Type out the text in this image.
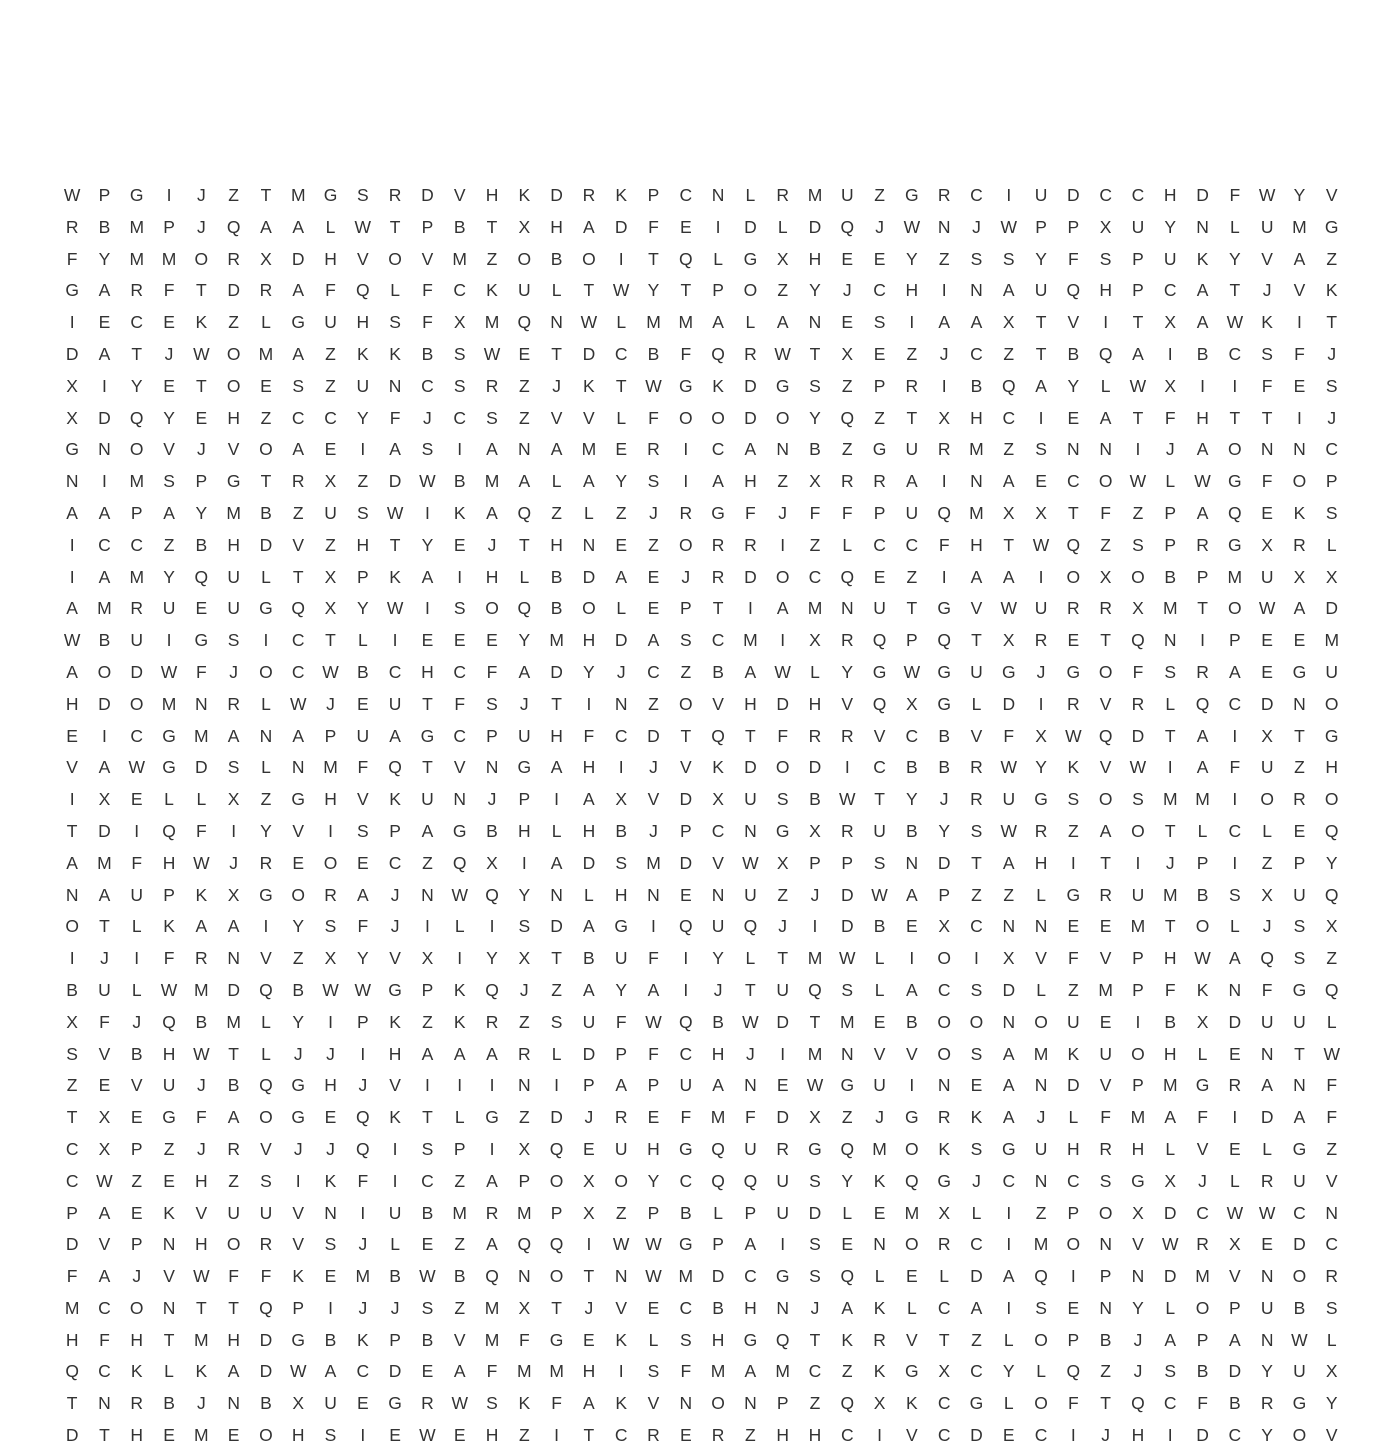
W	P	G	I	J	Z	T	M	G	S	R	D	V	H	K	D	R	K	P	C	N	L	R	M	U	Z	G	R	C	I	U	D	C	C	H	D	F	W	Y	V
R	B	M	P	J	Q	A	A	L	W	T	P	B	T	X	H	A	D	F	E	I	D	L	D	Q	J	W	N	J	W	P	P	X	U	Y	N	L	U	M	G
F	Y	M	M	O	R	X	D	H	V	O	V	M	Z	O	B	O	I	T	Q	L	G	X	H	E	E	Y	Z	S	S	Y	F	S	P	U	K	Y	V	A	Z
G	A	R	F	T	D	R	A	F	Q	L	F	C	K	U	L	T	W	Y	T	P	O	Z	Y	J	C	H	I	N	A	U	Q	H	P	C	A	T	J	V	K
I	E	C	E	K	Z	L	G	U	H	S	F	X	M	Q	N	W	L	M	M	A	L	A	N	E	S	I	A	A	X	T	V	I	T	X	A	W	K	I	T
D	A	T	J	W O	M	A	Z	K	K	B	S	W	E	T	D	C	B	F	Q	R	W	T	X	E	Z	J	C	Z	T	B	Q	A	I	B	C	S	F	J
X	I	Y	E	T	O	E	S	Z	U	N	C	S	R	Z	J	K	T	W G	K	D	G	S	Z	P	R	I	B	Q	A	Y	L	W	X	I	I	F	E	S
X	D	Q	Y	E	H	Z	C	C	Y	F	J	C	S	Z	V	V	L	F	O	O	D	O	Y	Q	Z	T	X	H	C	I	E	A	T	F	H	T	T	I	J
G	N	O	V	J	V	O	A	E	I	A	S	I	A	N	A	M	E	R	I	C	A	N	B	Z	G	U	R	M	Z	S	N	N	I	J	A	O	N	N	C
N	I	M	S	P	G	T	R	X	Z	D	W	B	M	A	L	A	Y	S	I	A	H	Z	X	R	R	A	I	N	A	E	C	O W	L	W G	F	O	P
A	A	P	A	Y	M	B	Z	U	S	W	I	K	A	Q	Z	L	Z	J	R	G	F	J	F	F	P	U	Q	M	X	X	T	F	Z	P	A	Q	E	K	S
I	C	C	Z	B	H	D	V	Z	H	T	Y	E	J	T	H	N	E	Z	O	R	R	I	Z	L	C	C	F	H	T	W Q	Z	S	P	R	G	X	R	L
I	A	M	Y	Q	U	L	T	X	P	K	A	I	H	L	B	D	A	E	J	R	D	O	C	Q	E	Z	I	A	A	I	O	X	O	B	P	M	U	X	X
A	M	R	U	E	U	G	Q	X	Y	W	I	S	O	Q	B	O	L	E	P	T	I	A	M	N	U	T	G	V	W	U	R	R	X	M	T	O W	A	D
W	B	U	I	G	S	I	C	T	L	I	E	E	E	Y	M	H	D	A	S	C	M	I	X	R	Q	P	Q	T	X	R	E	T	Q	N	I	P	E	E	M
A	O	D	W	F	J	O	C	W	B	C	H	C	F	A	D	Y	J	C	Z	B	A	W	L	Y	G W G	U	G	J	G	O	F	S	R	A	E	G	U
H	D	O	M	N	R	L	W	J	E	U	T	F	S	J	T	I	N	Z	O	V	H	D	H	V	Q	X	G	L	D	I	R	V	R	L	Q	C	D	N	O
E	I	C	G	M	A	N	A	P	U	A	G	C	P	U	H	F	C	D	T	Q	T	F	R	R	V	C	B	V	F	X	W Q	D	T	A	I	X	T	G
V	A	W G	D	S	L	N	M	F	Q	T	V	N	G	A	H	I	J	V	K	D	O	D	I	C	B	B	R	W	Y	K	V	W	I	A	F	U	Z	H
I	X	E	L	L	X	Z	G	H	V	K	U	N	J	P	I	A	X	V	D	X	U	S	B	W	T	Y	J	R	U	G	S	O	S	M	M	I	O	R	O
T	D	I	Q	F	I	Y	V	I	S	P	A	G	B	H	L	H	B	J	P	C	N	G	X	R	U	B	Y	S	W	R	Z	A	O	T	L	C	L	E	Q
A	M	F	H	W	J	R	E	O	E	C	Z	Q	X	I	A	D	S	M	D	V	W	X	P	P	S	N	D	T	A	H	I	T	I	J	P	I	Z	P	Y
N	A	U	P	K	X	G	O	R	A	J	N	W Q	Y	N	L	H	N	E	N	U	Z	J	D	W	A	P	Z	Z	L	G	R	U	M	B	S	X	U	Q
O	T	L	K	A	A	I	Y	S	F	J	I	L	I	S	D	A	G	I	Q	U	Q	J	I	D	B	E	X	C	N	N	E	E	M	T	O	L	J	S	X
I	J	I	F	R	N	V	Z	X	Y	V	X	I	Y	X	T	B	U	F	I	Y	L	T	M W	L	I	O	I	X	V	F	V	P	H	W	A	Q	S	Z
B	U	L	W M	D	Q	B	W W G	P	K	Q	J	Z	A	Y	A	I	J	T	U	Q	S	L	A	C	S	D	L	Z	M	P	F	K	N	F	G	Q
X	F	J	Q	B	M	L	Y	I	P	K	Z	K	R	Z	S	U	F	W Q	B	W	D	T	M	E	B	O	O	N	O	U	E	I	B	X	D	U	U	L
S	V	B	H	W	T	L	J	J	I	H	A	A	A	R	L	D	P	F	C	H	J	I	M	N	V	V	O	S	A	M	K	U	O	H	L	E	N	T	W
Z	E	V	U	J	B	Q	G	H	J	V	I	I	I	N	I	P	A	P	U	A	N	E	W G	U	I	N	E	A	N	D	V	P	M	G	R	A	N	F
T	X	E	G	F	A	O	G	E	Q	K	T	L	G	Z	D	J	R	E	F	M	F	D	X	Z	J	G	R	K	A	J	L	F	M	A	F	I	D	A	F
C	X	P	Z	J	R	V	J	J	Q	I	S	P	I	X	Q	E	U	H	G	Q	U	R	G	Q	M	O	K	S	G	U	H	R	H	L	V	E	L	G	Z
C	W	Z	E	H	Z	S	I	K	F	I	C	Z	A	P	O	X	O	Y	C	Q	Q	U	S	Y	K	Q	G	J	C	N	C	S	G	X	J	L	R	U	V
P	A	E	K	V	U	U	V	N	I	U	B	M	R	M	P	X	Z	P	B	L	P	U	D	L	E	M	X	L	I	Z	P	O	X	D	C	W W	C	N
D	V	P	N	H	O	R	V	S	J	L	E	Z	A	Q	Q	I	W W G	P	A	I	S	E	N	O	R	C	I	M	O	N	V	W	R	X	E	D	C
F	A	J	V	W	F	F	K	E	M	B	W	B	Q	N	O	T	N	W M	D	C	G	S	Q	L	E	L	D	A	Q	I	P	N	D	M	V	N	O	R
M	C	O	N	T	T	Q	P	I	J	J	S	Z	M	X	T	J	V	E	C	B	H	N	J	A	K	L	C	A	I	S	E	N	Y	L	O	P	U	B	S
H	F	H	T	M	H	D	G	B	K	P	B	V	M	F	G	E	K	L	S	H	G	Q	T	K	R	V	T	Z	L	O	P	B	J	A	P	A	N	W	L
Q	C	K	L	K	A	D	W	A	C	D	E	A	F	M	M	H	I	S	F	M	A	M	C	Z	K	G	X	C	Y	L	Q	Z	J	S	B	D	Y	U	X
T	N	R	B	J	N	B	X	U	E	G	R	W	S	K	F	A	K	V	N	O	N	P	Z	Q	X	K	C	G	L	O	F	T	Q	C	F	B	R	G	Y
D	T	H	E	M	E	O	H	S	I	E	W	E	H	Z	I	T	C	R	E	R	Z	H	H	C	I	V	C	D	E	C	I	J	H	I	D	C	Y	O	V
